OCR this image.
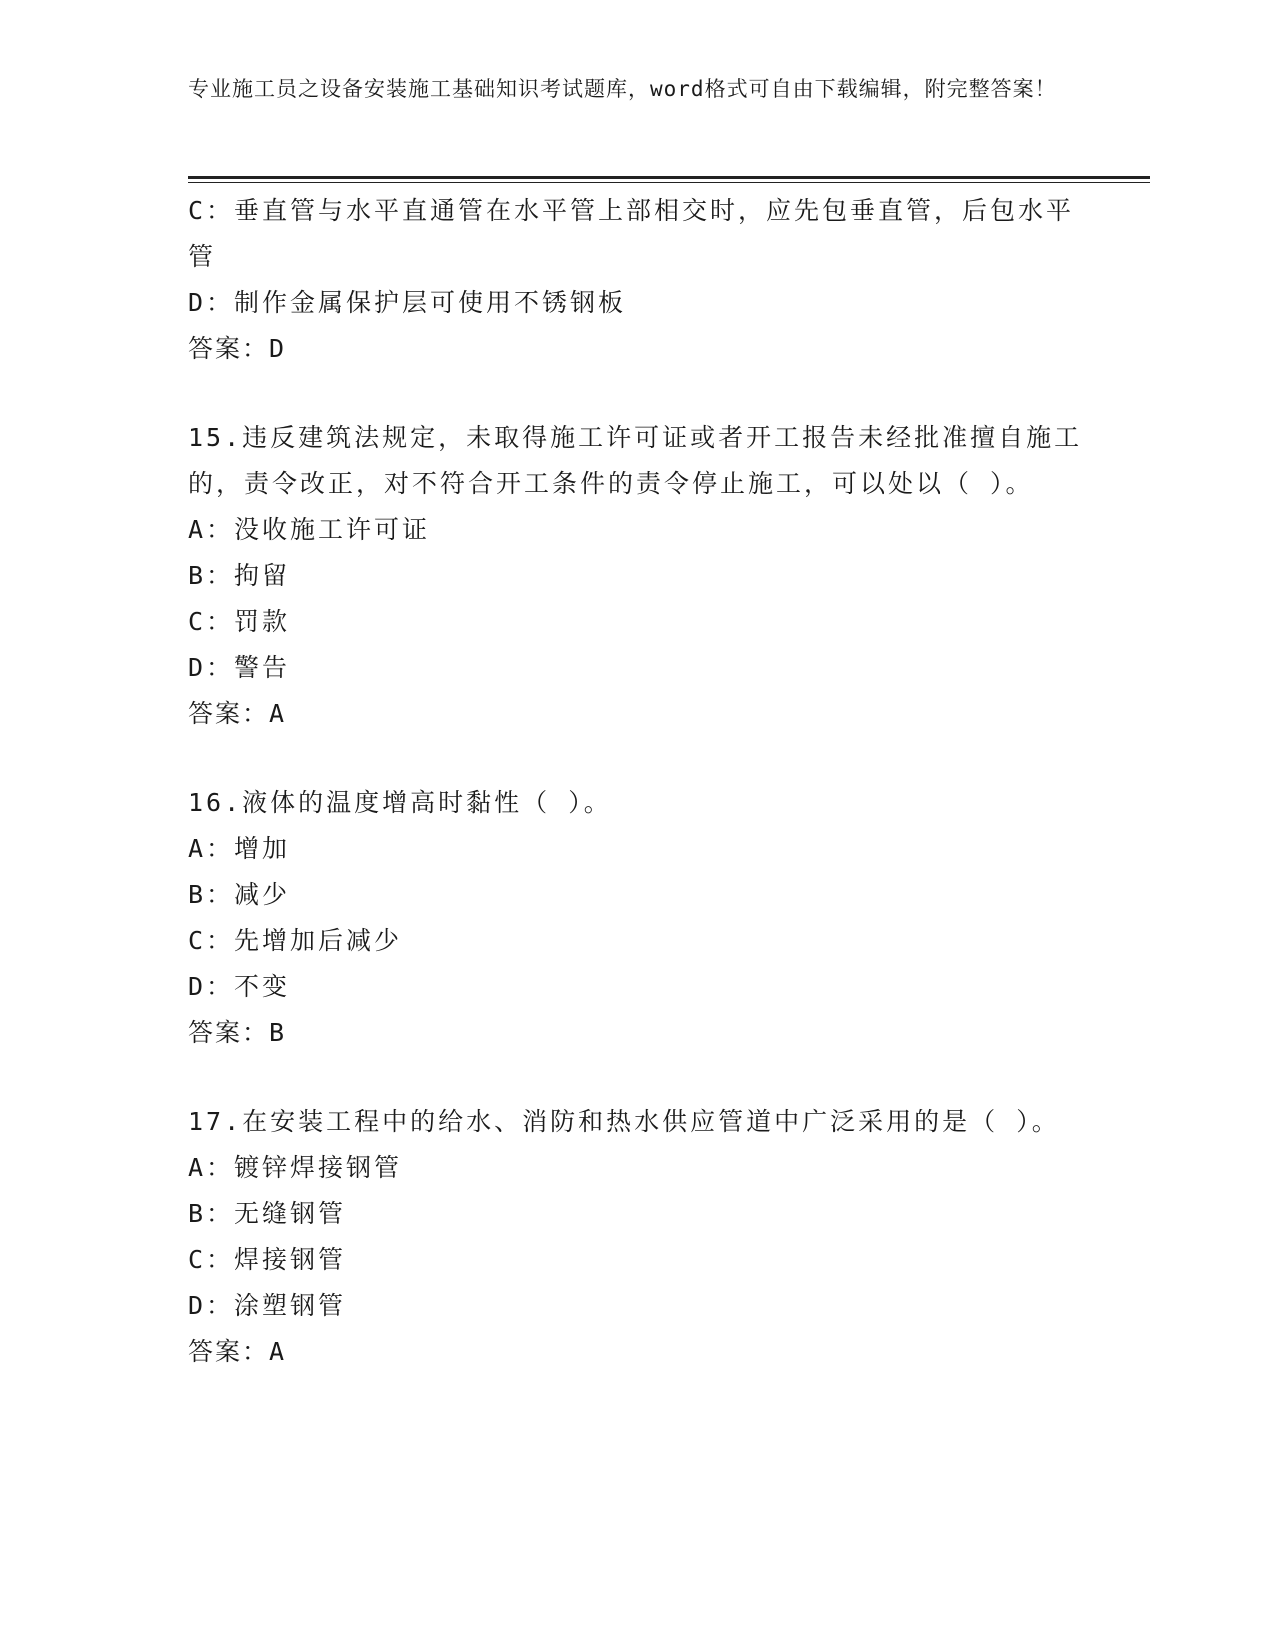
专业施工员之设备安装施工基础知识考试题库，word格式可自由下载编辑，附完整答案！
C：垂直管与水平直通管在水平管上部相交时，应先包垂直管，后包水平管
D：制作金属保护层可使用不锈钢板
答案：D
15.违反建筑法规定，未取得施工许可证或者开工报告未经批准擅自施工的，责令改正，对不符合开工条件的责令停止施工，可以处以（ ）。
A：没收施工许可证
B：拘留
C：罚款
D：警告
答案：A
16.液体的温度增高时黏性（ ）。
A：增加
B：减少
C：先增加后减少
D：不变
答案：B
17.在安装工程中的给水、消防和热水供应管道中广泛采用的是（ ）。
A：镀锌焊接钢管
B：无缝钢管
C：焊接钢管
D：涂塑钢管
答案：A
